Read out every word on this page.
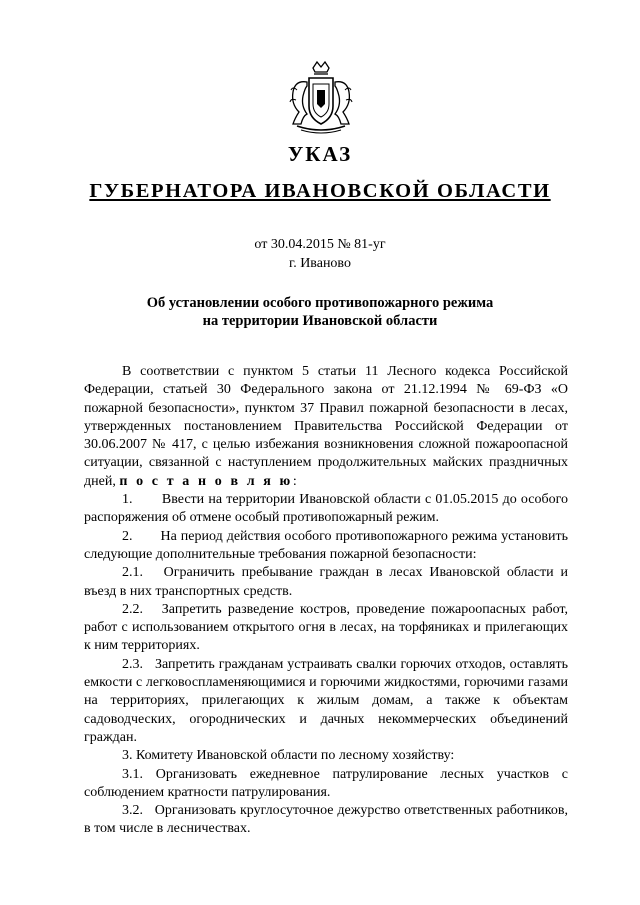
УКАЗ
ГУБЕРНАТОРА ИВАНОВСКОЙ ОБЛАСТИ
от 30.04.2015 № 81-уг
г. Иваново
Об установлении особого противопожарного режима
на территории Ивановской области

В соответствии с пунктом 5 статьи 11 Лесного кодекса Российской Федерации, статьей 30 Федерального закона от 21.12.1994 № 69-ФЗ «О пожарной безопасности», пунктом 37 Правил пожарной безопасности в лесах, утвержденных постановлением Правительства Российской Федерации от 30.06.2007 № 417, с целью избежания возникновения сложной пожароопасной ситуации, связанной с наступлением продолжительных майских праздничных дней, п о с т а н о в л я ю:

1.       Ввести на территории Ивановской области с 01.05.2015 до особого распоряжения об отмене особый противопожарный режим.

2.       На период действия особого противопожарного режима установить следующие дополнительные требования пожарной безопасности:

2.1.   Ограничить пребывание граждан в лесах Ивановской области и въезд в них транспортных средств.

2.2.   Запретить разведение костров, проведение пожароопасных работ, работ с использованием открытого огня в лесах, на торфяниках и прилегающих к ним территориях.

2.3.   Запретить гражданам устраивать свалки горючих отходов, оставлять емкости с легковоспламеняющимися и горючими жидкостями, горючими газами на территориях, прилегающих к жилым домам, а также к объектам садоводческих, огороднических и дачных некоммерческих объединений граждан.

3. Комитету Ивановской области по лесному хозяйству:

3.1. Организовать ежедневное патрулирование лесных участков с соблюдением кратности патрулирования.

3.2.   Организовать круглосуточное дежурство ответственных работников, в том числе в лесничествах.
